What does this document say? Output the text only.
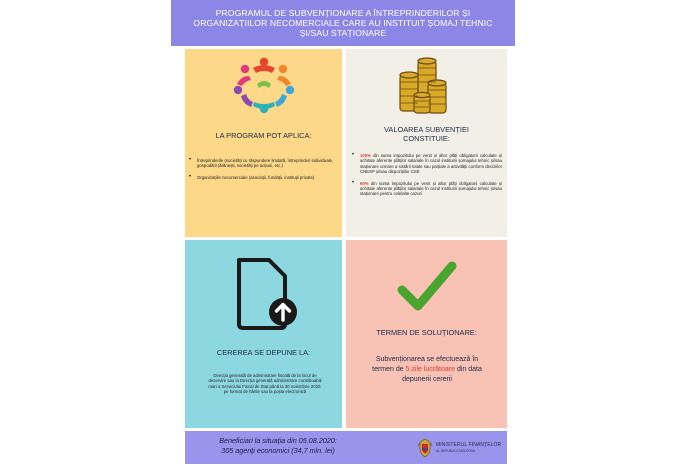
PROGRAMUL DE SUBVENȚIONARE A ÎNTREPRINDERILOR ȘI ORGANIZAȚIILOR NECOMERCIALE CARE AU INSTITUIT ȘOMAJ TEHNIC ȘI/SAU STAȚIONARE
LA PROGRAM POT APLICA:
• Întreprinderile (societăți cu răspundere limitată, întreprinderi individuale, gospodării țărănești, societăți pe acțiuni, etc.)
• Organizațiile necomerciale (asociații, fundații, instituții private)
VALOAREA SUBVENȚIEI
CONSTITUIE:
• 100% din suma impozitului pe venit și altor plăți obligatorii calculate și achitate aferente plăților salariale în cazul instituirii șomajului tehnic și/sau staționare urmare a sistării totale sau parțiale a activității conform deciziilor CNESP și/sau dispozițiilor CSE
• 60% din suma impozitului pe venit și altor plăți obligatorii calculate și achitate aferente plăților salariale în cazul instituirii șomajului tehnic și/sau staționare pentru celelalte cazuri
CEREREA SE DEPUNE LA:
Direcția generală de administrare fiscală de la locul de deservire sau la Direcția generală administrare contribuabili mari a Serviciului Fiscal de Stat până la 30 noiembrie 2020, pe format de hârtie sau la poșta electronică
TERMEN DE SOLUȚIONARE:
Subvenționarea se efectuează în termen de 5 zile lucrătoare din data depunerii cererii
Beneficiari la situația din 05.08.2020:
305 agenți economici (34,7 mln. lei)
MINISTERUL FINANȚELOR
AL REPUBLICII MOLDOVA
